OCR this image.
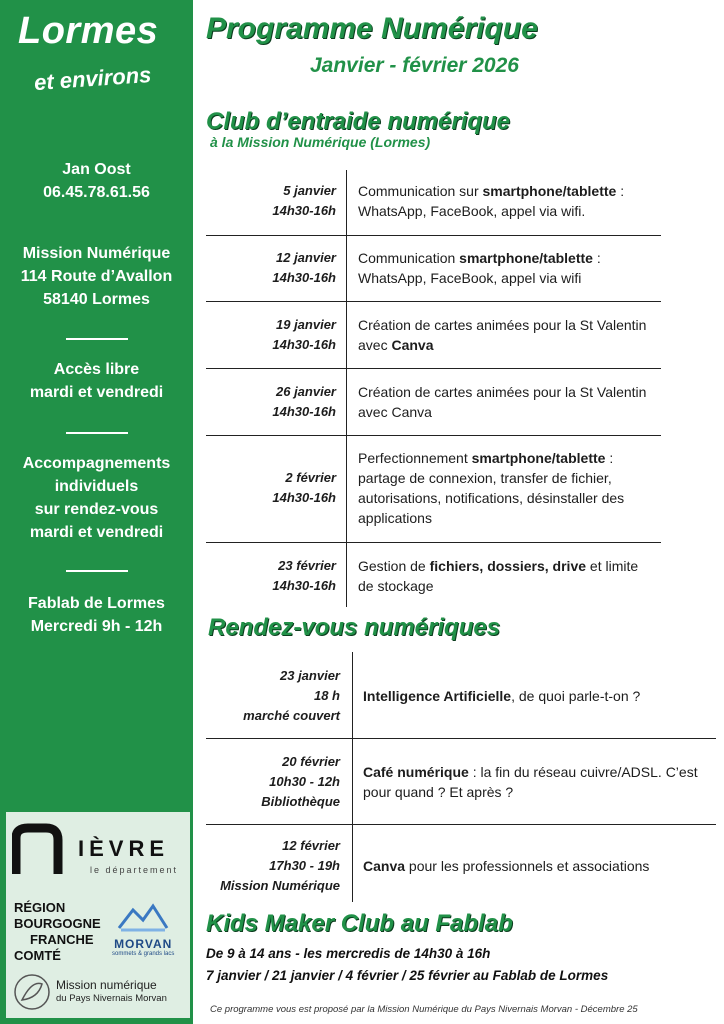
Lormes
et environs
Jan Oost
06.45.78.61.56
Mission Numérique
114 Route d’Avallon
58140 Lormes
Accès libre
mardi et vendredi
Accompagnements
individuels
sur rendez-vous
mardi et vendredi
Fablab de Lormes
Mercredi 9h - 12h
IÈVRE
le département
RÉGION
BOURGOGNE
FRANCHE
COMTÉ
MORVAN
sommets & grands lacs
Mission numérique
du Pays Nivernais Morvan
Programme Numérique
Janvier - février 2026
Club d’entraide numérique
à la Mission Numérique (Lormes)
5 janvier
14h30-16h
Communication sur smartphone/tablette : WhatsApp, FaceBook, appel via wifi.
12 janvier
14h30-16h
Communication smartphone/tablette : WhatsApp, FaceBook, appel via wifi
19 janvier
14h30-16h
Création de cartes animées pour la St Valentin avec Canva
26 janvier
14h30-16h
Création de cartes animées pour la St Valentin avec Canva
2 février
14h30-16h
Perfectionnement smartphone/tablette : partage de connexion, transfer de fichier, autorisations, notifications, désinstaller des applications
23 février
14h30-16h
Gestion de fichiers, dossiers, drive et limite de stockage
Rendez-vous numériques
23 janvier
18 h
marché couvert
Intelligence Artificielle, de quoi parle-t-on ?
20 février
10h30 - 12h
Bibliothèque
Café numérique : la fin du réseau cuivre/ADSL. C’est pour quand ? Et après ?
12 février
17h30 - 19h
Mission Numérique
Canva pour les professionnels et associations
Kids Maker Club au Fablab
De 9 à 14 ans - les mercredis de 14h30 à 16h
7 janvier / 21 janvier / 4 février / 25 février au Fablab de Lormes
Ce programme vous est proposé par la Mission Numérique du Pays Nivernais Morvan - Décembre 25
